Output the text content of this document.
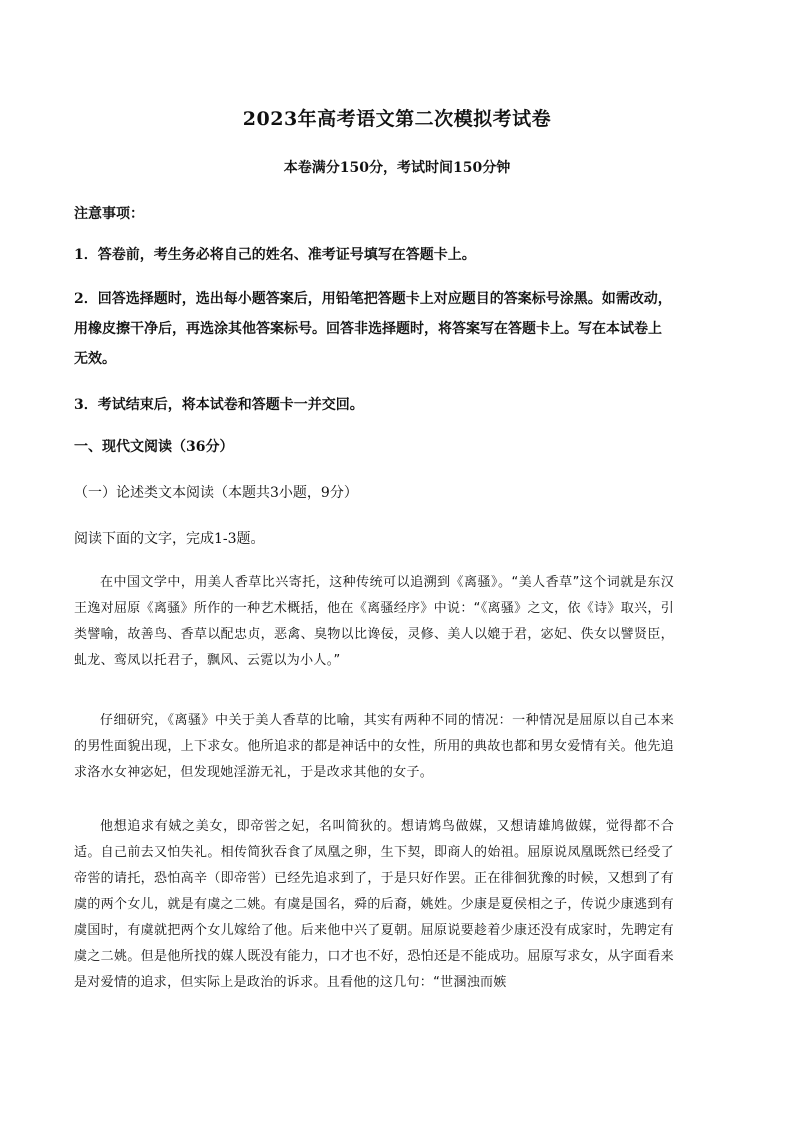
2023年高考语文第二次模拟考试卷
本卷满分150分，考试时间150分钟
注意事项：
1．答卷前，考生务必将自己的姓名、准考证号填写在答题卡上。
2．回答选择题时，选出每小题答案后，用铅笔把答题卡上对应题目的答案标号涂黑。如需改动，用橡皮擦干净后，再选涂其他答案标号。回答非选择题时，将答案写在答题卡上。写在本试卷上无效。
3．考试结束后，将本试卷和答题卡一并交回。
一、现代文阅读（36分）
（一）论述类文本阅读（本题共3小题，9分）
阅读下面的文字，完成1-3题。
在中国文学中，用美人香草比兴寄托，这种传统可以追溯到《离骚》。“美人香草”这个词就是东汉王逸对屈原《离骚》所作的一种艺术概括，他在《离骚经序》中说：“《离骚》之文，依《诗》取兴，引类譬喻，故善鸟、香草以配忠贞，恶禽、臭物以比谗佞，灵修、美人以媲于君，宓妃、佚女以譬贤臣，虬龙、鸾凤以托君子，飘风、云霓以为小人。”
仔细研究，《离骚》中关于美人香草的比喻，其实有两种不同的情况：一种情况是屈原以自己本来的男性面貌出现，上下求女。他所追求的都是神话中的女性，所用的典故也都和男女爱情有关。他先追求洛水女神宓妃，但发现她淫游无礼，于是改求其他的女子。
他想追求有娀之美女，即帝喾之妃，名叫简狄的。想请鸩鸟做媒，又想请雄鸠做媒，觉得都不合适。自己前去又怕失礼。相传简狄吞食了凤凰之卵，生下契，即商人的始祖。屈原说凤凰既然已经受了帝喾的请托，恐怕高辛（即帝喾）已经先追求到了，于是只好作罢。正在徘徊犹豫的时候，又想到了有虞的两个女儿，就是有虞之二姚。有虞是国名，舜的后裔，姚姓。少康是夏侯相之子，传说少康逃到有虞国时，有虞就把两个女儿嫁给了他。后来他中兴了夏朝。屈原说要趁着少康还没有成家时，先聘定有虞之二姚。但是他所找的媒人既没有能力，口才也不好，恐怕还是不能成功。屈原写求女，从字面看来是对爱情的追求，但实际上是政治的诉求。且看他的这几句：“世溷浊而嫉
